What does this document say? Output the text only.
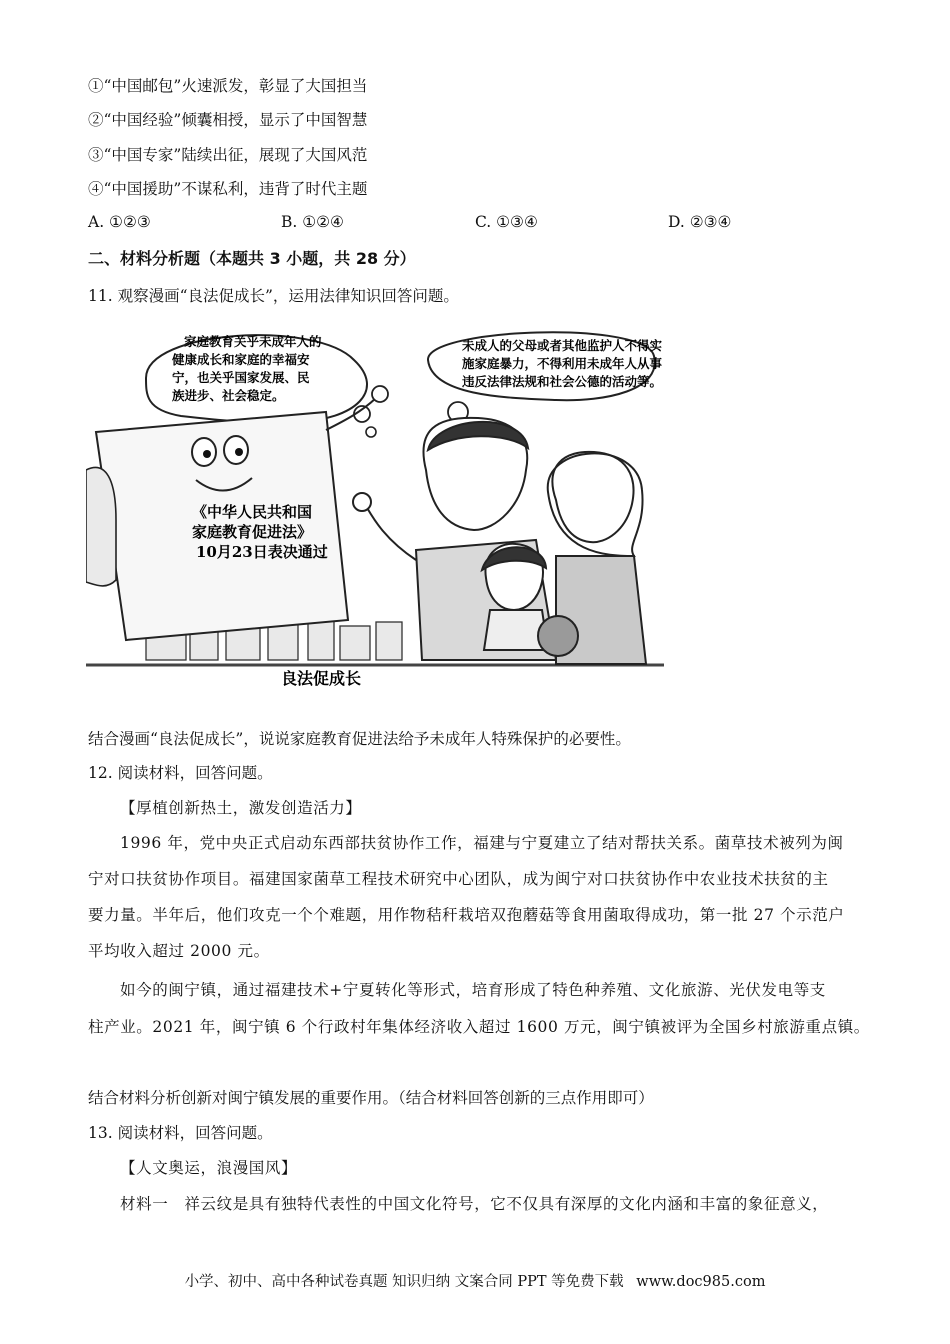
①“中国邮包”火速派发，彰显了大国担当
②“中国经验”倾囊相授，显示了中国智慧
③“中国专家”陆续出征，展现了大国风范
④“中国援助”不谋私利，违背了时代主题
A. ①②③	B. ①②④	C. ①③④	D. ②③④
二、材料分析题（本题共 3 小题，共 28 分）
11. 观察漫画“良法促成长”，运用法律知识回答问题。
家庭教育关乎未成年人的
健康成长和家庭的幸福安
宁，也关乎国家发展、民
族进步、社会稳定。
未成人的父母或者其他监护人不得实
施家庭暴力，不得利用未成年人从事
违反法律法规和社会公德的活动等。
《中华人民共和国
家庭教育促进法》
10月23日表决通过
良法促成长
结合漫画“良法促成长”，说说家庭教育促进法给予未成年人特殊保护的必要性。
12. 阅读材料，回答问题。
【厚植创新热土，激发创造活力】
1996 年，党中央正式启动东西部扶贫协作工作，福建与宁夏建立了结对帮扶关系。菌草技术被列为闽
宁对口扶贫协作项目。福建国家菌草工程技术研究中心团队，成为闽宁对口扶贫协作中农业技术扶贫的主
要力量。半年后，他们攻克一个个难题，用作物秸秆栽培双孢蘑菇等食用菌取得成功，第一批 27 个示范户
平均收入超过 2000 元。
如今的闽宁镇，通过福建技术+宁夏转化等形式，培育形成了特色种养殖、文化旅游、光伏发电等支
柱产业。2021 年，闽宁镇 6 个行政村年集体经济收入超过 1600 万元，闽宁镇被评为全国乡村旅游重点镇。
结合材料分析创新对闽宁镇发展的重要作用。（结合材料回答创新的三点作用即可）
13. 阅读材料，回答问题。
【人文奥运，浪漫国风】
材料一　祥云纹是具有独特代表性的中国文化符号，它不仅具有深厚的文化内涵和丰富的象征意义，
小学、初中、高中各种试卷真题 知识归纳 文案合同 PPT 等免费下载 www.doc985.com
